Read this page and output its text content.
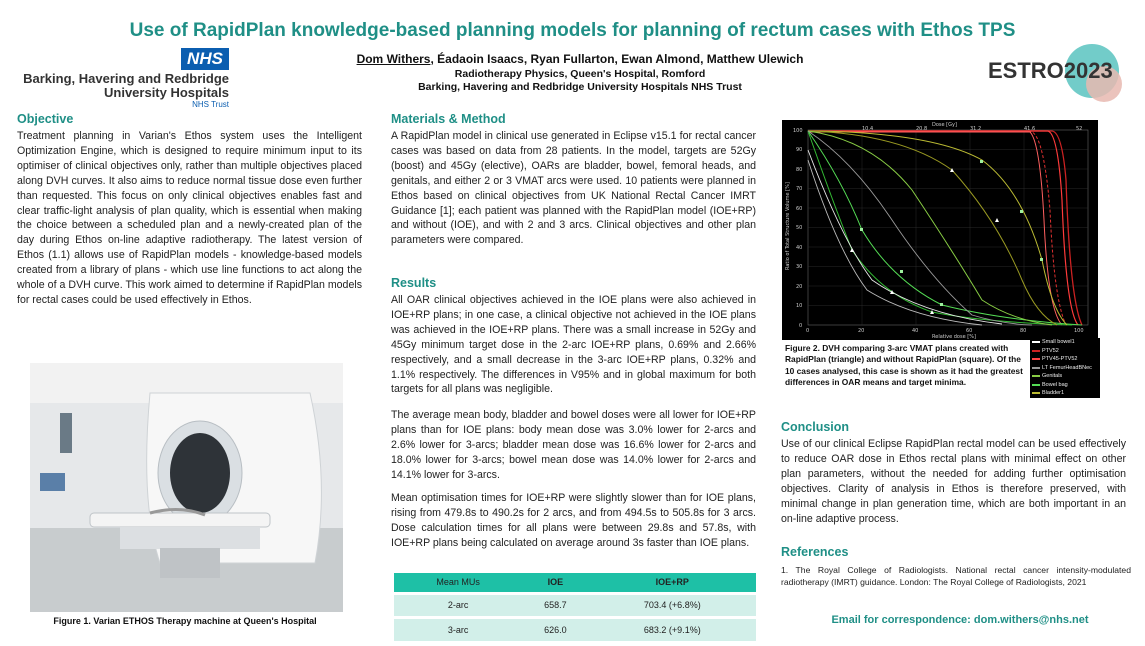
Use of RapidPlan knowledge-based planning models for planning of rectum cases with Ethos TPS
Dom Withers, Éadaoin Isaacs, Ryan Fullarton, Ewan Almond, Matthew Ulewich
Radiotherapy Physics, Queen's Hospital, Romford
Barking, Havering and Redbridge University Hospitals NHS Trust
NHS
Barking, Havering and Redbridge
University Hospitals
NHS Trust
ESTRO2023
Objective
Treatment planning in Varian's Ethos system uses the Intelligent Optimization Engine, which is designed to require minimum input to its optimiser of clinical objectives only, rather than multiple objectives placed along DVH curves. It also aims to reduce normal tissue dose even further than requested. This focus on only clinical objectives enables fast and clear traffic-light analysis of plan quality, which is essential when making the choice between a scheduled plan and a newly-created plan of the day during Ethos on-line adaptive radiotherapy. The latest version of Ethos (1.1) allows use of RapidPlan models - knowledge-based models created from a library of plans - which use line functions to act along the whole of a DVH curve. This work aimed to determine if RapidPlan models for rectal cases could be used effectively in Ethos.
Figure 1. Varian ETHOS Therapy machine at Queen's Hospital
Materials & Method
A RapidPlan model in clinical use generated in Eclipse v15.1 for rectal cancer cases was based on data from 28 patients. In the model, targets are 52Gy (boost) and 45Gy (elective), OARs are bladder, bowel, femoral heads, and genitals, and either 2 or 3 VMAT arcs were used. 10 patients were planned in Ethos based on clinical objectives from UK National Rectal Cancer IMRT Guidance [1]; each patient was planned with the RapidPlan model (IOE+RP) and without (IOE), and with 2 and 3 arcs. Clinical objectives and other plan parameters were compared.
Results
All OAR clinical objectives achieved in the IOE plans were also achieved in IOE+RP plans; in one case, a clinical objective not achieved in the IOE plans was achieved in the IOE+RP plans. There was a small increase in 52Gy and 45Gy minimum target dose in the 2-arc IOE+RP plans, 0.69% and 2.66% respectively, and a small decrease in the 3-arc IOE+RP plans, 0.32% and 1.1% respectively. The differences in V95% and in global maximum for both targets for all plans was negligible.
The average mean body, bladder and bowel doses were all lower for IOE+RP plans than for IOE plans: body mean dose was 3.0% lower for 2-arcs and 2.6% lower for 3-arcs; bladder mean dose was 16.6% lower for 2-arcs and 18.0% lower for 3-arcs; bowel mean dose was 14.0% lower for 2-arcs and 14.1% lower for 3-arcs.
Mean optimisation times for IOE+RP were slightly slower than for IOE plans, rising from 479.8s to 490.2s for 2 arcs, and from 494.5s to 505.8s for 3 arcs. Dose calculation times for all plans were between 29.8s and 57.8s, with IOE+RP plans being calculated on average around 3s faster than IOE plans.
Mean MUs	IOE	IOE+RP
2-arc	658.7	703.4 (+6.8%)
3-arc	626.0	683.2 (+9.1%)
Dose [Gy]
10.4	20.8	31.2	41.6	52
0	20	40	60	80	100
100
90
80
70
60
50
40
30
20
10
0
Relative dose [%]
Ratio of Total Structure Volume [%]
Figure 2. DVH comparing 3-arc VMAT plans created with RapidPlan (triangle) and without RapidPlan (square). Of the 10 cases analysed, this case is shown as it had the greatest differences in OAR means and target minima.
Small bowel1
PTV52
PTV45-PTV52
LT FemurHeadBNec
Genitals
Bowel bag
Bladder1
Conclusion
Use of our clinical Eclipse RapidPlan rectal model can be used effectively to reduce OAR dose in Ethos rectal plans with minimal effect on other plan parameters, without the needed for adding further optimisation objectives. Clarity of analysis in Ethos is therefore preserved, with minimal change in plan generation time, which are both important in an on-line adaptive process.
References
1. The Royal College of Radiologists. National rectal cancer intensity-modulated radiotherapy (IMRT) guidance. London: The Royal College of Radiologists, 2021
Email for correspondence: dom.withers@nhs.net
